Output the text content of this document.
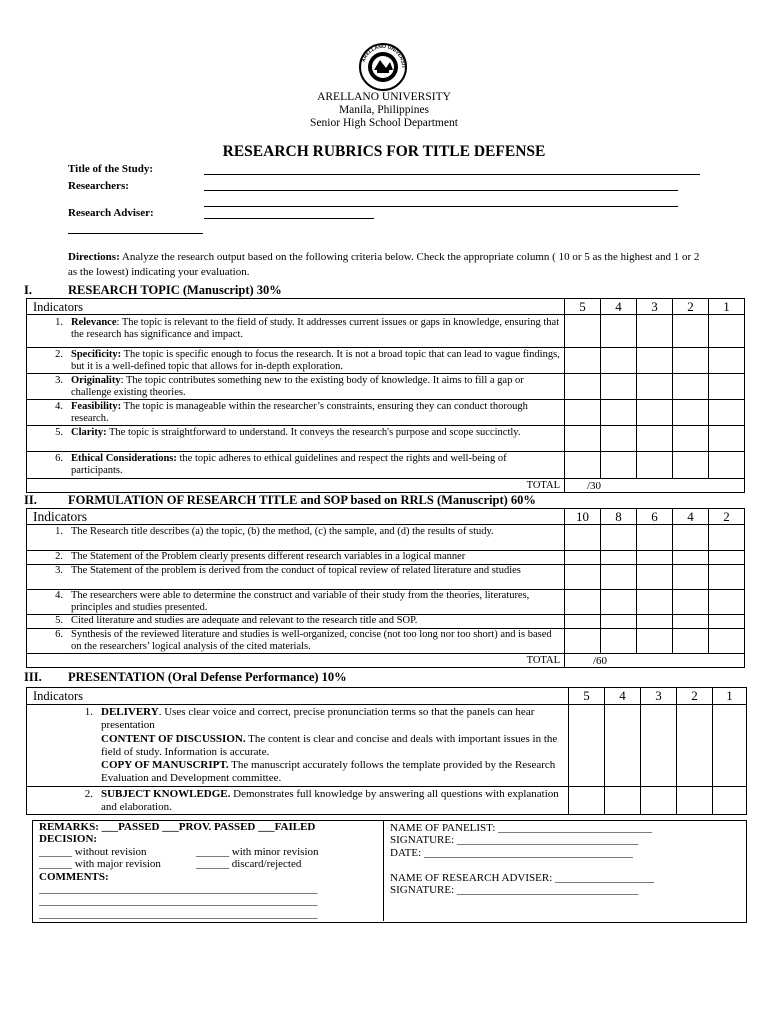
ARELLANO UNIVERSIT
ARELLANO UNIVERSITY
Manila, Philippines
Senior High School Department
RESEARCH RUBRICS FOR TITLE DEFENSE
Title of the Study:
Researchers:
Research Adviser:
Directions: Analyze the research output based on the following criteria below. Check the appropriate column ( 10 or 5 as the highest and 1 or 2 as the lowest) indicating your evaluation.
I.	RESEARCH TOPIC (Manuscript) 30%
Indicators	5	4	3	2	1

1. Relevance: The topic is relevant to the field of study. It addresses current issues or gaps in knowledge, ensuring that the research has significance and impact.					

2. Specificity: The topic is specific enough to focus the research. It is not a broad topic that can lead to vague findings, but it is a well-defined topic that allows for in-depth exploration.					

3. Originality: The topic contributes something new to the existing body of knowledge. It aims to fill a gap or challenge existing theories.					

4. Feasibility: The topic is manageable within the researcher’s constraints, ensuring they can conduct thorough research.					

5. Clarity: The topic is straightforward to understand. It conveys the research's purpose and scope succinctly.					

6. Ethical Considerations: the topic adheres to ethical guidelines and respect the rights and well-being of participants.					
TOTAL	/30				
II. FORMULATION OF RESEARCH TITLE and SOP based on RRLS (Manuscript) 60%
Indicators	10	8	6	4	2

1. The Research title describes (a) the topic, (b) the method, (c) the sample, and (d) the results of study.					

2. The Statement of the Problem clearly presents different research variables in a logical manner					

3. The Statement of the problem is derived from the conduct of topical review of related literature and studies					

4. The researchers were able to determine the construct and variable of their study from the theories, literatures, principles and studies presented.					

5. Cited literature and studies are adequate and relevant to the research title and SOP.					

6. Synthesis of the reviewed literature and studies is well-organized, concise (not too long nor too short) and is based on the researchers’ logical analysis of the cited materials.					
TOTAL	/60				
III. PRESENTATION (Oral Defense Performance) 10%
Indicators	5	4	3	2	1

1. DELIVERY. Uses clear voice and correct, precise pronunciation terms so that the panels can hear presentation
CONTENT OF DISCUSSION. The content is clear and concise and deals with important issues in the field of study. Information is accurate.
COPY OF MANUSCRIPT. The manuscript accurately follows the template provided by the Research Evaluation and Development committee.					

2. SUBJECT KNOWLEDGE. Demonstrates full knowledge by answering all questions with explanation and elaboration.					
REMARKS: ___PASSED ___PROV. PASSED ___FAILED
DECISION:
______ without revision	______ with minor revision
______ with major revision	______ discard/rejected
COMMENTS:
______________________________________________________
______________________________________________________
______________________________________________________
NAME OF PANELIST: ____________________________
SIGNATURE: _________________________________
DATE: ______________________________________
NAME OF RESEARCH ADVISER: __________________
SIGNATURE: _________________________________
